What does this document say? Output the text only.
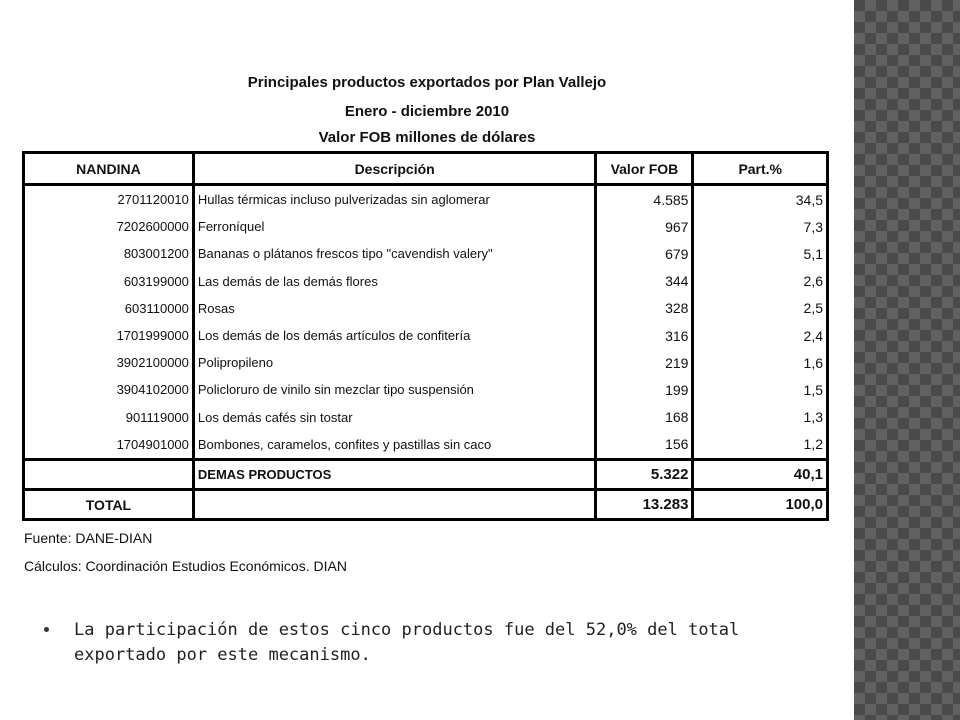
Principales productos exportados por Plan Vallejo
Enero - diciembre 2010
Valor FOB millones de dólares
NANDINA	Descripción	Valor FOB	Part.%
2701120010	Hullas térmicas incluso pulverizadas sin aglomerar	4.585	34,5
7202600000	Ferroníquel	967	7,3
803001200	Bananas o plátanos frescos tipo "cavendish valery"	679	5,1
603199000	Las demás de las demás flores	344	2,6
603110000	Rosas	328	2,5
1701999000	Los demás de los demás artículos de confitería	316	2,4
3902100000	Polipropileno	219	1,6
3904102000	Policloruro de vinilo sin mezclar tipo suspensión	199	1,5
901119000	Los demás cafés sin tostar	168	1,3
1704901000	Bombones, caramelos, confites y pastillas sin caco	156	1,2
	DEMAS PRODUCTOS	5.322	40,1
TOTAL		13.283	100,0
Fuente: DANE-DIAN
Cálculos: Coordinación Estudios Económicos. DIAN
La participación de estos cinco productos fue del 52,0% del total exportado por este mecanismo.
